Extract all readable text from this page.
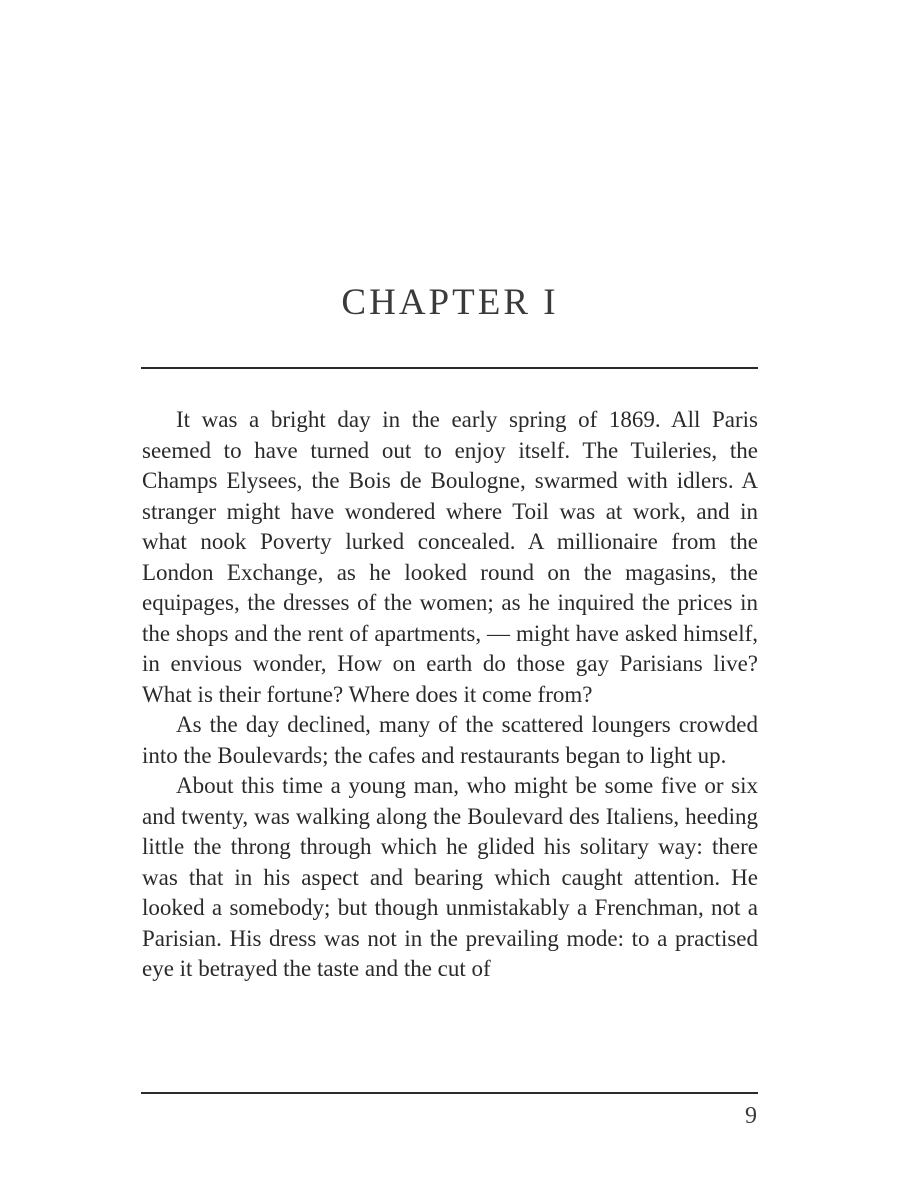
CHAPTER I

It was a bright day in the early spring of 1869. All Paris seemed to have turned out to enjoy itself. The Tuileries, the Champs Elysees, the Bois de Boulogne, swarmed with idlers. A stranger might have wondered where Toil was at work, and in what nook Poverty lurked concealed. A millionaire from the London Exchange, as he looked round on the magasins, the equipages, the dresses of the women; as he inquired the prices in the shops and the rent of apartments, — might have asked himself, in envious wonder, How on earth do those gay Parisians live? What is their fortune? Where does it come from?

As the day declined, many of the scattered loungers crowded into the Boulevards; the cafes and restaurants began to light up.

About this time a young man, who might be some five or six and twenty, was walking along the Boulevard des Italiens, heeding little the throng through which he glided his solitary way: there was that in his aspect and bearing which caught attention. He looked a somebody; but though unmistakably a Frenchman, not a Parisian. His dress was not in the prevailing mode: to a practised eye it betrayed the taste and the cut of

9
